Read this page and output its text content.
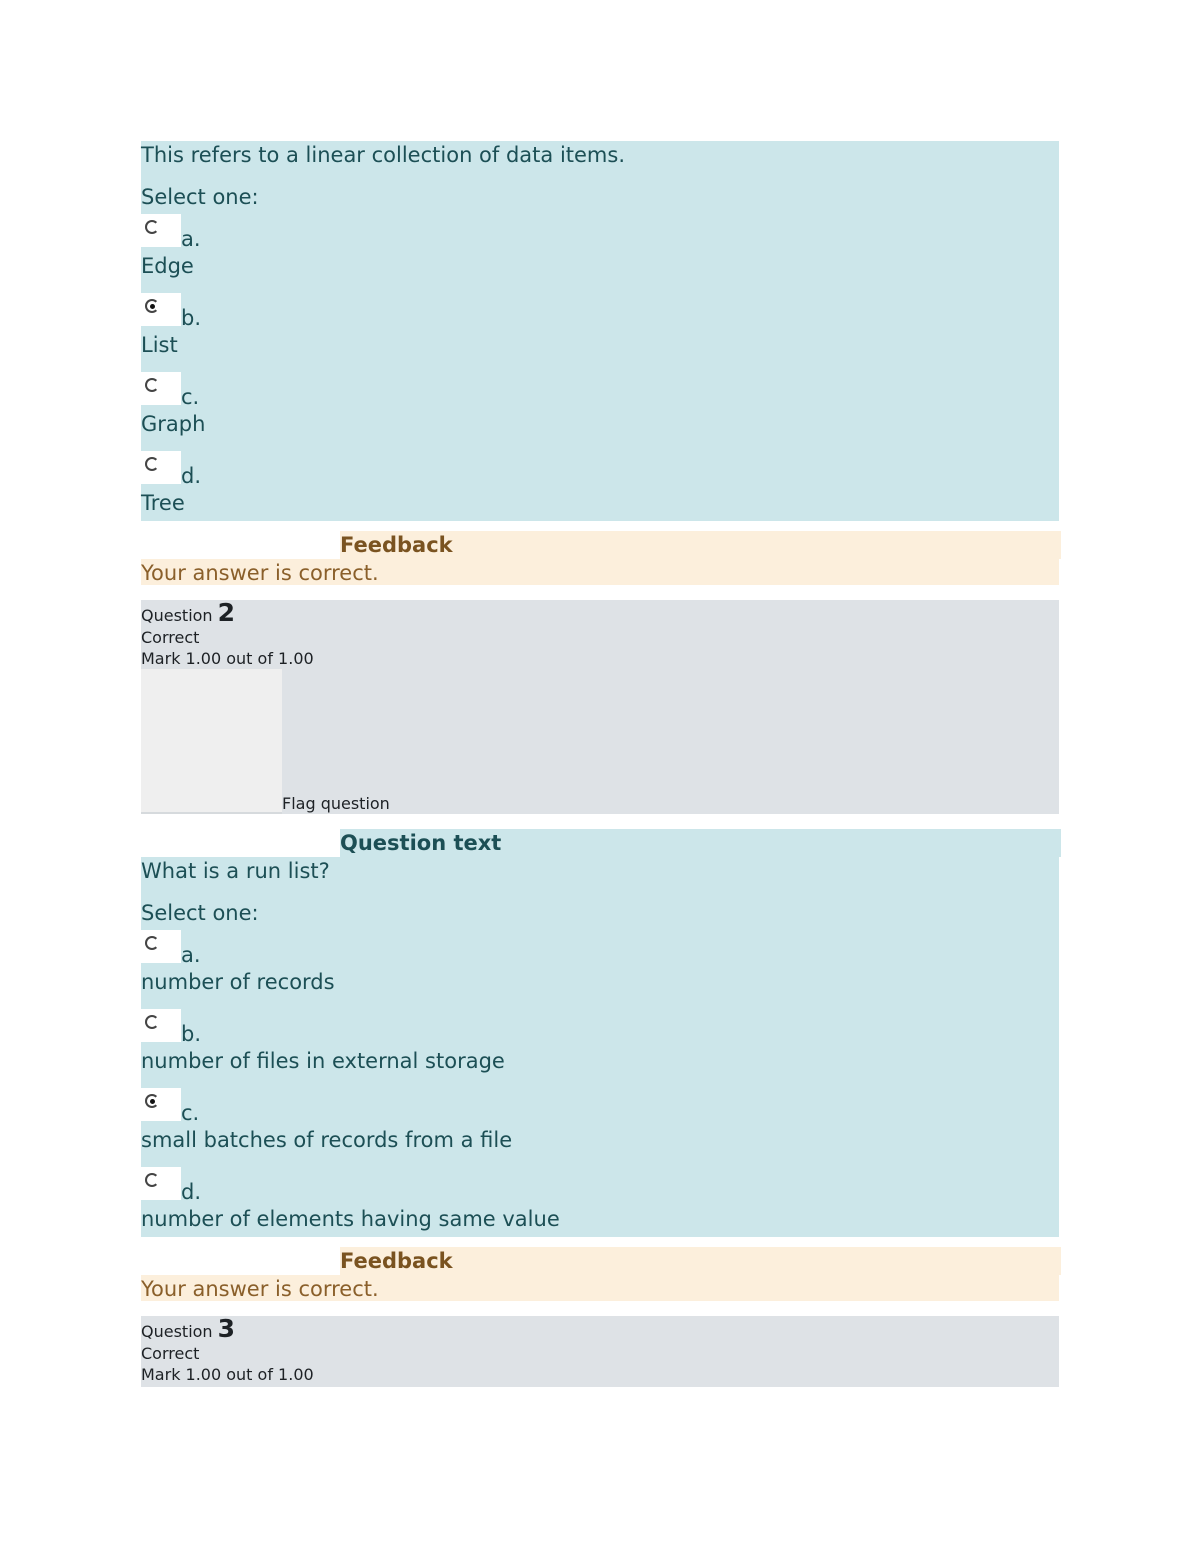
This refers to a linear collection of data items.
Select one:
a.
Edge
b.
List
c.
Graph
d.
Tree
Feedback
Your answer is correct.
Question 2
Correct
Mark 1.00 out of 1.00
Flag question
Question text
What is a run list?
Select one:
a.
number of records
b.
number of files in external storage
c.
small batches of records from a file
d.
number of elements having same value
Feedback
Your answer is correct.
Question 3
Correct
Mark 1.00 out of 1.00
